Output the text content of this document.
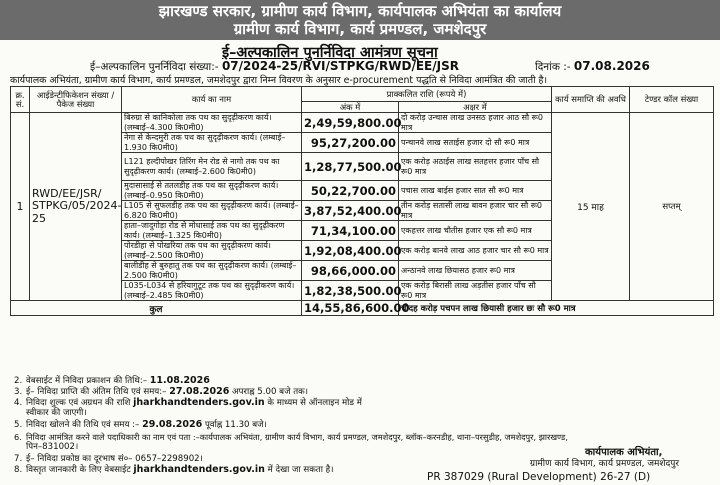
झारखण्ड सरकार, ग्रामीण कार्य विभाग, कार्यपालक अभियंता का कार्यालय
ग्रामीण कार्य विभाग, कार्य प्रमण्डल, जमशेदपुर
ई–अल्पकालिन पुनर्निविदा आमंत्रण सूचना
ई–अल्पकालिन पुनर्निविदा संख्या:- 07/2024-25/RVI/STPKG/RWD/EE/JSR	दिनांक :- 07.08.2026
कार्यपालक अभियंता, ग्रामीण कार्य विभाग, कार्य प्रमण्डल, जमशेदपुर द्वारा निम्न विवरण के अनुसार e-procurement पद्धति से निविदा आमंत्रित की जाती है।
क्र. सं.	आईडेन्टीफिकेशन संख्या / पैकेज संख्या	कार्य का नाम	प्राक्कलित राशि (रूपये में)		कार्य समाप्ति की अवधि	टेण्डर कॉल संख्या
			अंक में	अक्षर में		
1	RWD/EE/JSR/ STPKG/05/2024-25	बिरुग्रा से कानिकोला तक पथ का सुदृढ़ीकरण कार्य। (लम्बाई–4.300 कि0मी0)	2,49,59,800.00	दो करोड़ उन्चास लाख उनसठ हजार आठ सौ रू0 मात्र	15 माह	सप्तम्
		नेगा से केन्दमुरी तक पथ का सुदृढ़ीकरण कार्य। (लम्बाई–1.930 कि0मी0)	95,27,200.00	पन्चानवे लाख सताईस हजार दो सौ रू0 मात्र		
		L121 हल्दीपोखर तिरिंग मेन रोड से नागो तक पथ का सुदृढ़ीकरण कार्य। (लम्बाई–2.600 कि0मी0)	1,28,77,500.00	एक करोड़ अठाईस लाख सतहत्तर हजार पाँच सौ रू0 मात्र		
		मुदासासाई से ततलडीह तक पथ का सुदृढ़ीकरण कार्य। (लम्बाई–0.950 कि0मी0)	50,22,700.00	पचास लाख बाईस हजार सात सौ रू0 मात्र		
		L105 से सुफलडीह तक पथ का सुदृढ़ीकरण कार्य। (लम्बाई–6.820 कि0मी0)	3,87,52,400.00	तीन करोड़ सतासी लाख बावन हजार चार सौ रू0 मात्र		
		हाता–जादुगोड़ा रोड से मोधासाई तक पथ का सुदृढ़ीकरण कार्य। (लम्बाई–1.325 कि0मी0)	71,34,100.00	एकहत्तर लाख चौतीस हजार एक सौ रू0 मात्र		
		पोरडीहा से पोखरिया तक पथ का सुदृढ़ीकरण कार्य। (लम्बाई–2.500 कि0मी0)	1,92,08,400.00	एक करोड़ बानवे लाख आठ हजार चार सौ रू0 मात्र		
		बालीडीह से बुरुहातु तक पथ का सुदृढ़ीकरण कार्य। (लम्बाई–2.500 कि0मी0)	98,66,000.00	अन्ठानवे लाख छियासठ हजार रू0 मात्र		
		L035-L034 से हरियागुटूट तक पथ का सुदृढ़ीकरण कार्य। (लम्बाई–2.485 कि0मी0)	1,82,38,500.00	एक करोड़ बिरासी लाख अड़तीस हजार पाँच सौ रू0 मात्र		
कुल			14,55,86,600.00	चौदह करोड़ पचपन लाख छियासी हजार छः सौ रू0 मात्र		
2. वेबसाईट में निविदा प्रकाशन की तिथि:– 11.08.2026
3. ई– निविदा प्राप्ति की अंतिम तिथि एवं समय:– 27.08.2026 अपराह्न 5.00 बजे तक।
4. निविदा शुल्क एवं अग्रधन की राशि jharkhandtenders.gov.in के माध्यम से ऑनलाइन मोड में
स्वीकार की जाएगी।
5. निविदा खोलने की तिथि एवं समय :– 29.08.2026 पूर्वाह्न 11.30 बजे।
6. निविदा आमंत्रित करने वाले पदाधिकारी का नाम एवं पता :–कार्यपालक अभियंता, ग्रामीण कार्य विभाग, कार्य प्रमण्डल, जमशेदपुर, ब्लॉक–करनडीह, थाना–परसुडीह, जमशेदपुर, झारखण्ड,
पिन–831002।
7. ई– निविदा प्रकोष्ठ का दूरभाष सं०– 0657–2298902।
8. विस्तृत जानकारी के लिए वेबसाईट jharkhandtenders.gov.in में देखा जा सकता है।
कार्यपालक अभियंता,
ग्रामीण कार्य विभाग, कार्य प्रमण्डल, जमशेदपुर
PR 387029 (Rural Development) 26-27 (D)
